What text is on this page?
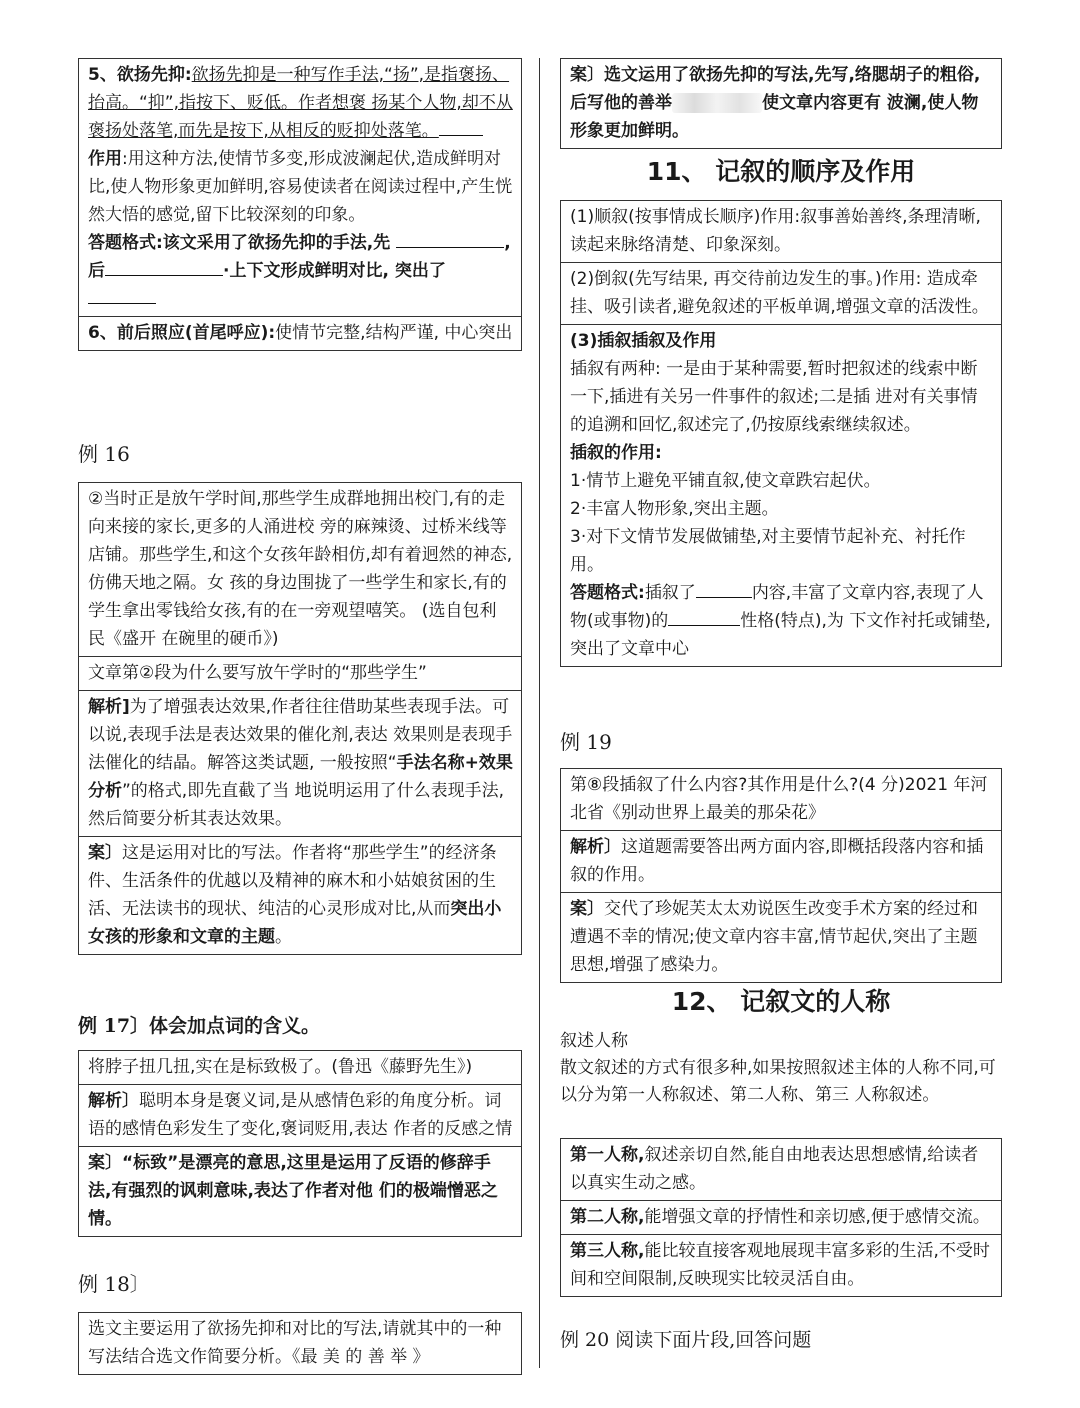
5、欲扬先抑:欲扬先抑是一种写作手法,“扬”,是指褒扬、抬高。“抑”,指按下、贬低。作者想褒 扬某个人物,却不从褒扬处落笔,而先是按下,从相反的贬抑处落笔。
作用:用这种方法,使情节多变,形成波澜起伏,造成鲜明对比,使人物形象更加鲜明,容易使读者在阅读过程中,产生恍然大悟的感觉,留下比较深刻的印象。
答题格式:该文采用了欲扬先抑的手法,先	,后	·上下文形成鲜明对比, 突出了
6、前后照应(首尾呼应):使情节完整,结构严谨, 中心突出
例 16
②当时正是放午学时间,那些学生成群地拥出校门,有的走向来接的家长,更多的人涌进校 旁的麻辣烫、过桥米线等店铺。那些学生,和这个女孩年龄相仿,却有着迥然的神态,仿佛天地之隔。女 孩的身边围拢了一些学生和家长,有的学生拿出零钱给女孩,有的在一旁观望嘻笑。 (选自包利民《盛开 在碗里的硬币》)
文章第②段为什么要写放午学时的“那些学生”
解析]为了增强表达效果,作者往往借助某些表现手法。可以说,表现手法是表达效果的催化剂,表达 效果则是表现手法催化的结晶。解答这类试题, 一般按照“手法名称+效果分析”的格式,即先直截了当 地说明运用了什么表现手法,然后简要分析其表达效果。
案〕这是运用对比的写法。作者将“那些学生”的经济条件、生活条件的优越以及精神的麻木和小姑娘贫困的生活、无法读书的现状、纯洁的心灵形成对比,从而突出小女孩的形象和文章的主题。
例 17〕体会加点词的含义。
将脖子扭几扭,实在是标致极了。(鲁迅《藤野先生》)
解析〕聪明本身是褒义词,是从感情色彩的角度分析。词语的感情色彩发生了变化,褒词贬用,表达 作者的反感之情
案〕“标致”是漂亮的意思,这里是运用了反语的修辞手法,有强烈的讽刺意味,表达了作者对他 们的极端憎恶之情。
例 18〕
选文主要运用了欲扬先抑和对比的写法,请就其中的一种写法结合选文作简要分析。《最 美 的 善 举 》
案〕选文运用了欲扬先抑的写法,先写,络腮胡子的粗俗,后写他的善举	使文章内容更有 波澜,使人物形象更加鲜明。
11、 记叙的顺序及作用
(1)顺叙(按事情成长顺序)作用:叙事善始善终,条理清晰,读起来脉络清楚、印象深刻。
(2)倒叙(先写结果, 再交待前边发生的事。)作用: 造成牵挂、吸引读者,避免叙述的平板单调,增强文章的活泼性。
(3)插叙插叙及作用
插叙有两种: 一是由于某种需要,暂时把叙述的线索中断一下,插进有关另一件事件的叙述;二是插 进对有关事情的追溯和回忆,叙述完了,仍按原线索继续叙述。
插叙的作用:
1·情节上避免平铺直叙,使文章跌宕起伏。
2·丰富人物形象,突出主题。
3·对下文情节发展做铺垫,对主要情节起补充、衬托作用。
答题格式:插叙了	内容,丰富了文章内容,表现了人物(或事物)的	性格(特点),为 下文作衬托或铺垫,突出了文章中心
例 19
第⑧段插叙了什么内容?其作用是什么?(4 分)2021 年河北省《别动世界上最美的那朵花》
解析〕这道题需要答出两方面内容,即概括段落内容和插叙的作用。
案〕交代了珍妮芙太太劝说医生改变手术方案的经过和遭遇不幸的情况;使文章内容丰富,情节起伏,突出了主题思想,增强了感染力。
12、 记叙文的人称
叙述人称
散文叙述的方式有很多种,如果按照叙述主体的人称不同,可以分为第一人称叙述、第二人称、第三 人称叙述。
第一人称,叙述亲切自然,能自由地表达思想感情,给读者以真实生动之感。
第二人称,能增强文章的抒情性和亲切感,便于感情交流。
第三人称,能比较直接客观地展现丰富多彩的生活,不受时间和空间限制,反映现实比较灵活自由。
例 20 阅读下面片段,回答问题
